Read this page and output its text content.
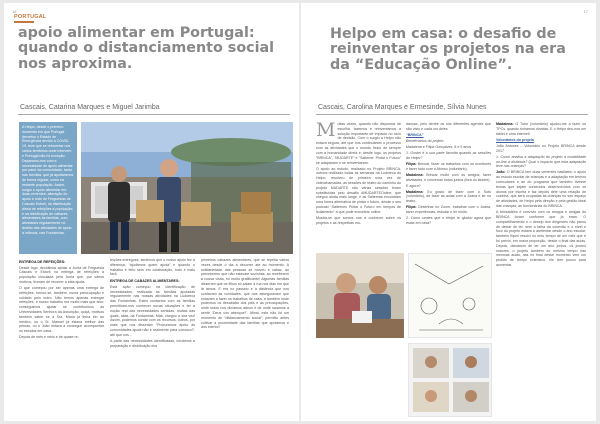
16
PORTUGAL
apoio alimentar em Portugal: quando o distanciamento social nos aproxima.
Cascais, Catarina Marques e Miguel Jarimba
A Helpo, desde o primeiro momento em que Portugal decretou o Estado de Emergência devido à COVID-19, teve que se reinventar nos vários territórios onde intervém e Portugal não foi exceção. Deparamo-nos com a necessidade de apoio alimentar por parte da comunidade, tanto nas famílias, que já apoiávamos de forma regular, como na restante população. Assim, surgiu o apoio alimentar em duas vertentes: alteração do apoio à rede de Freguesias de Cascais Estoril, na distribuição diária de refeições à população; e na distribuição de cabazes alimentares às famílias, com atividades regularmente no âmbito das atividades de apoio à infância, nas Fontainhas.

ENTREGA DE REFEIÇÕES:

Desde logo, decidimos apoiar a Junta de Freguesia Cascais e Estoril na entrega de refeições à população vinculada pela Junta que, por vários motivos, tiveram de recorrer a esta ajuda.

O que começou por ser apenas uma entrega de refeições, tornou-se, também, numa preocupação e cuidado pelo outro. Não temos apenas entregar refeições, e nosso trabalho era muito mais que isso: conseguimos ajudar se contribuímos às Universidades Senhora da Assunção, quiçá, motivos também saber se a Sra. Maria já tinha ido ao médico, ou o Sr. Manuel já estava melhor das pernas, ou o João estava a conseguir acompanhar os estudos em casa…

Depois de mês e meio e de quase re-

feições entregues, sentimos que o nosso apoio fez a diferença, “ajudámos quem ajuda” e quando o trabalho é feito sem em colaboração, tudo é mais fácil.

ENTREGA DE CABAZES ALIMENTARES:

Esta ação começou na identificação de necessidades, realizada às famílias apoiadas regularmente nas nossas atividades na Ludoteca das Fontainhas. Estes contactos com as famílias permitiram-nos conhecer novas situações e ter a noção real das necessidades sentidas, muitas das quais, aliás, da Fontainhas. Mas, chegou a sua vez! Assim, pudemos contar com os recursos; outros, por mais que nos disseram “Procuramos apoio às comunidades ajuda não é realmente para conosco!”, até que nós...

A partir das necessidades identificadas, iniciámos a preparação e distribuição dos

primeiros cabazes alimentares, que se repetia vários vezes desde o dia à decorrer até ao momento. A solidariedade das pessoas se moveu e cabaz, ao perceberem que não estavam sozinhas, ao receberem a nossa visita, foi muito gratificante! Algumas famílias disseram que os filhos só saiam à rua nos dias em que lá iamos. E era no passeio e à distância que nos contavam as novidades, que nos asseguravam que estavam a fazer os trabalhos de casa, a também onde pudemos os desabafar dos pais e as preocupações, onde todos nos dizíamos adeus e de onde saíamos a sentir “Deus vos abençoe!”. Afinal, este não foi um momento de “distanciamento social”, permitiu antes cultivar a proximidade das famílias que apoiamos e aos interior!

17
Helpo em casa: o desafio de reinventar os projetos na era da “Educação Online”.
Cascais, Carolina Marques e Ermesinde, Sílvia Nunes

Muitas vezes, quando não dispomos de escolha, fazemos e reinventamos a solução importante de impacto no ciclo de decisão. Com o surgiu a Helpo não estava segura, até que nos continuaram o processo com as atividades que o mundo físico de sempre com a humanidade direta e, desde logo, os projetos “BRINCA”, “MUDARTE” e “Salterne: Pintar o Futuro” se adaptaram e se reinventaram.

O apoio ao estudo, realizado no Projeto BRINCA, outrora realizado todas as semanas na Ludoteca do Helpo, resolveu de primeira uma vez de videochamadas, as sessões de teatro do caminho do projeto MUDARTE são várias sessões foram substituídas pelo desafio #MUDARTEOnline, que chegou ainda mais longe, e as Salternas encontram uma forma alternativa de pintar o futuro, desde o seu podcast “Salternes Pintar o Futuro em tempos de isolamento” a que pode encontrar online.

Mostra-se que somos nós a conhecer sobre os projetos e as respetivas mu-

danças, pelo dentre os nós diferentes agentes que são visto e cada um deles.

“BRINCA”

Beneficiários do projeto

Madalena e Filipa Gonçalves, 8 e 9 anos

1. Gostei é a sua parte favorita quando as sessões do Helpo?

Filipa: Brincar, fazer os trabalhos com os monitores e fazer tudo com o Afonso (voluntário).

Madalena: Brincar muito com os amigos, fazer atividades, e conversar todos juntos (fora do lanche).

E agora?

Madalena: Eu gosto de fazer com o Soto (voluntário), de fazer as aulas com a Joana e ler no teatro.

Filipa: Desenhar no Zoom, trabalhar com o Joana, fazer experiências, estudar e ler muito.

2. Como sentes que o Helpo te ajudou agora que estás em casa?

Madalena: O Tutor (voluntário) ajudou-me a fazer os TPCs, quando tínhamos dúvidas. E o Helpo deu-nos um tablet e uma internet!

Voluntários do projeto

João Antunes – Voluntário no Projeto BRINCA desde 2017

1. Como analisa a adaptação do projeto à modalidade on-line à distância? Qual o impacto que esta adaptação teve nas crianças?

João: O BRINCA tem duas vertentes basilares: o apoio ao estudo escolar de crianças e a adaptação em termos curriculares e ao do programa que também tivesse temas que sejam conteúdos desenvolvidos com os alunos por escrita e faz depois dele uma relação de cozinha, que será ocupadas às crianças no seu espaço de atividades, de Helpo pela direção e pela gestão ideal das crianças, as funcionárias do BRINCA.

A brincadeira é convívio com os amigos e amigas do BRINCA foram conforme que já eram. O compartilhamento e o desejo dos dirigentes não parou de deixar de ter, sem a falha da conexão e o nível e foco do projeto estava a aumentar desde o ano escolar, também fiquei resolvi no meu tempo de um mês que é foi prévio, em maior proporção, desde o final das aulas. Depois, deixámos de ter um ano juntos, os jovens maiores, o projeto também ao mesmo tempo nas mesmas aulas, nas no final desse momento vem um pedido de tempo extensivo, ele tem pouco para aumentar.
